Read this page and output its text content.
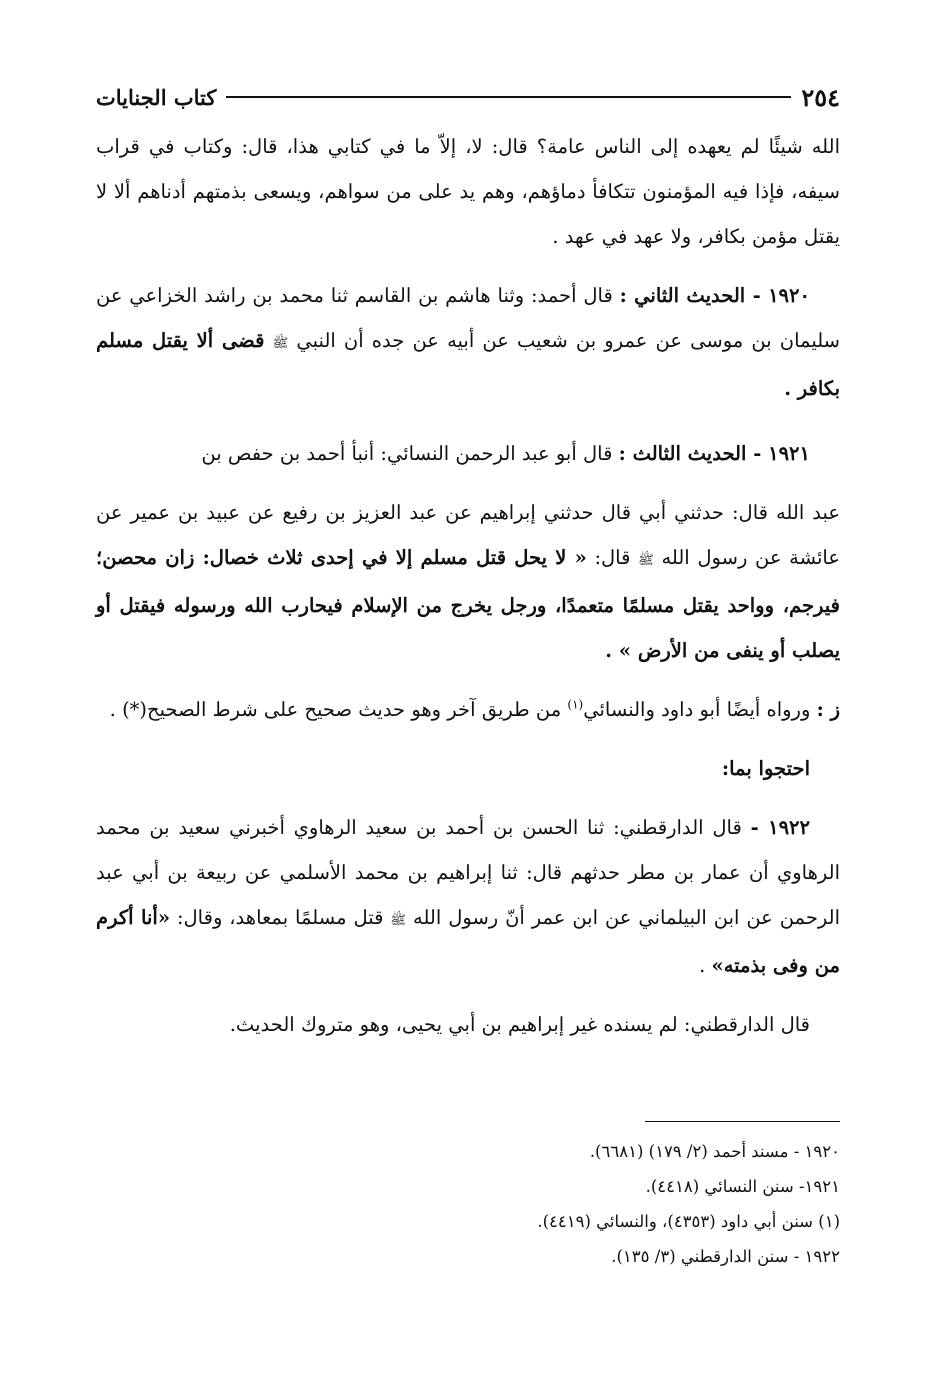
٢٥٤
كتاب الجنايات

الله شيئًا لم يعهده إلى الناس عامة؟ قال: لا، إلاّ ما في كتابي هذا، قال: وكتاب في قراب سيفه، فإذا فيه المؤمنون تتكافأ دماؤهم، وهم يد على من سواهم، ويسعى بذمتهم أدناهم ألا لا يقتل مؤمن بكافر، ولا عهد في عهد .

١٩٢٠ - الحديث الثاني : قال أحمد: وثنا هاشم بن القاسم ثنا محمد بن راشد الخزاعي عن سليمان بن موسى عن عمرو بن شعيب عن أبيه عن جده أن النبي ﷺ قضى ألا يقتل مسلم بكافر .

١٩٢١ - الحديث الثالث : قال أبو عبد الرحمن النسائي: أنبأ أحمد بن حفص بن

عبد الله قال: حدثني أبي قال حدثني إبراهيم عن عبد العزيز بن رفيع عن عبيد بن عمير عن عائشة عن رسول الله ﷺ قال: « لا يحل قتل مسلم إلا في إحدى ثلاث خصال: زان محصن؛ فيرجم، وواحد يقتل مسلمًا متعمدًا، ورجل يخرج من الإسلام فيحارب الله ورسوله فيقتل أو يصلب أو ينفى من الأرض » .

ز : ورواه أيضًا أبو داود والنسائي$^{(١)}$ من طريق آخر وهو حديث صحيح على شرط الصحيح(*) .

احتجوا بما:

١٩٢٢ - قال الدارقطني: ثنا الحسن بن أحمد بن سعيد الرهاوي أخبرني سعيد بن محمد الرهاوي أن عمار بن مطر حدثهم قال: ثنا إبراهيم بن محمد الأسلمي عن ربيعة بن أبي عبد الرحمن عن ابن البيلماني عن ابن عمر أنّ رسول الله ﷺ قتل مسلمًا بمعاهد، وقال: «أنا أكرم من وفى بذمته» .

قال الدارقطني: لم يسنده غير إبراهيم بن أبي يحيى، وهو متروك الحديث.

١٩٢٠ - مسند أحمد (٢/ ١٧٩) (٦٦٨١).
١٩٢١- سنن النسائي (٤٤١٨).
(١) سنن أبي داود (٤٣٥٣)، والنسائي (٤٤١٩).
١٩٢٢ - سنن الدارقطني (٣/ ١٣٥).
